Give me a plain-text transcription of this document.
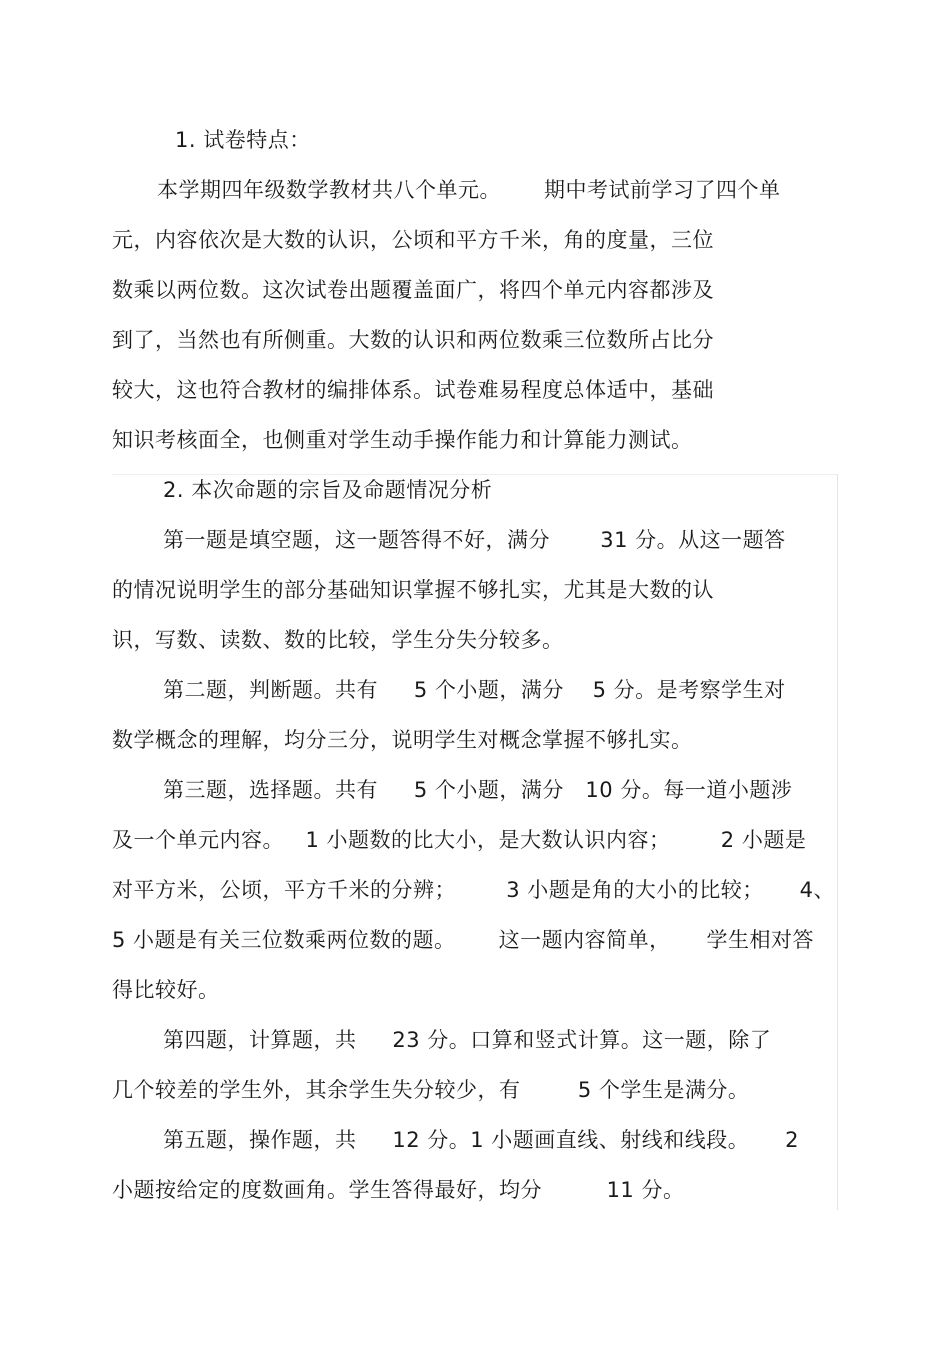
1. 试卷特点：
本学期四年级数学教材共八个单元。      期中考试前学习了四个单
元，内容依次是大数的认识，公顷和平方千米，角的度量，三位
数乘以两位数。这次试卷出题覆盖面广，将四个单元内容都涉及
到了，当然也有所侧重。大数的认识和两位数乘三位数所占比分
较大，这也符合教材的编排体系。试卷难易程度总体适中，基础
知识考核面全，也侧重对学生动手操作能力和计算能力测试。
2. 本次命题的宗旨及命题情况分析
第一题是填空题，这一题答得不好，满分       31 分。从这一题答
的情况说明学生的部分基础知识掌握不够扎实，尤其是大数的认
识，写数、读数、数的比较，学生分失分较多。
第二题，判断题。共有     5 个小题，满分    5 分。是考察学生对
数学概念的理解，均分三分，说明学生对概念掌握不够扎实。
第三题，选择题。共有     5 个小题，满分   10 分。每一道小题涉
及一个单元内容。   1 小题数的比大小，是大数认识内容；       2 小题是
对平方米，公顷，平方千米的分辨；       3 小题是角的大小的比较；     4、
5 小题是有关三位数乘两位数的题。      这一题内容简单，     学生相对答
得比较好。
第四题，计算题，共     23 分。口算和竖式计算。这一题，除了
几个较差的学生外，其余学生失分较少，有        5 个学生是满分。
第五题，操作题，共     12 分。1 小题画直线、射线和线段。     2
小题按给定的度数画角。学生答得最好，均分         11 分。
